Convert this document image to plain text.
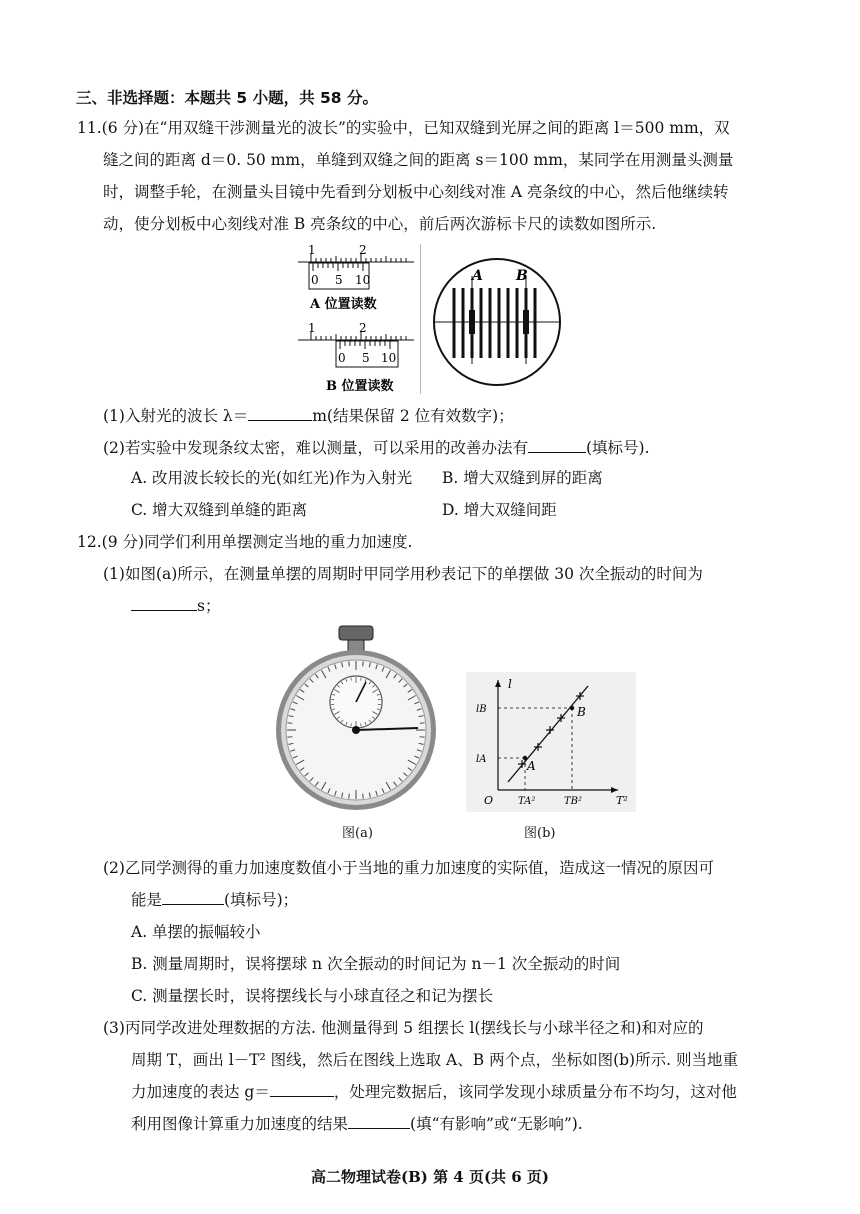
三、非选择题：本题共 5 小题，共 58 分。
11.(6 分)在“用双缝干涉测量光的波长”的实验中，已知双缝到光屏之间的距离 l＝500 mm，双
缝之间的距离 d＝0. 50 mm，单缝到双缝之间的距离 s＝100 mm，某同学在用测量头测量
时，调整手轮，在测量头目镜中先看到分划板中心刻线对准 A 亮条纹的中心，然后他继续转
动，使分划板中心刻线对准 B 亮条纹的中心，前后两次游标卡尺的读数如图所示.
1	2
0 5 10
A 位置读数
1	2
0 5 10
B 位置读数
A B
(1)入射光的波长 λ＝	m(结果保留 2 位有效数字)；
(2)若实验中发现条纹太密，难以测量，可以采用的改善办法有	(填标号).
A. 改用波长较长的光(如红光)作为入射光 B. 增大双缝到屏的距离
C. 增大双缝到单缝的距离	D. 增大双缝间距
12.(9 分)同学们利用单摆测定当地的重力加速度.
(1)如图(a)所示，在测量单摆的周期时甲同学用秒表记下的单摆做 30 次全振动的时间为
s；
l
T²
O
lB
lA
TA²	TB²
A
B
图(a)	图(b)
(2)乙同学测得的重力加速度数值小于当地的重力加速度的实际值，造成这一情况的原因可
能是	(填标号)；
A. 单摆的振幅较小
B. 测量周期时，误将摆球 n 次全振动的时间记为 n－1 次全振动的时间
C. 测量摆长时，误将摆线长与小球直径之和记为摆长
(3)丙同学改进处理数据的方法. 他测量得到 5 组摆长 l(摆线长与小球半径之和)和对应的
周期 T，画出 l－T² 图线，然后在图线上选取 A、B 两个点，坐标如图(b)所示. 则当地重
力加速度的表达 g＝	，处理完数据后，该同学发现小球质量分布不均匀，这对他
利用图像计算重力加速度的结果	(填“有影响”或“无影响”).
高二物理试卷(B) 第 4 页(共 6 页)
